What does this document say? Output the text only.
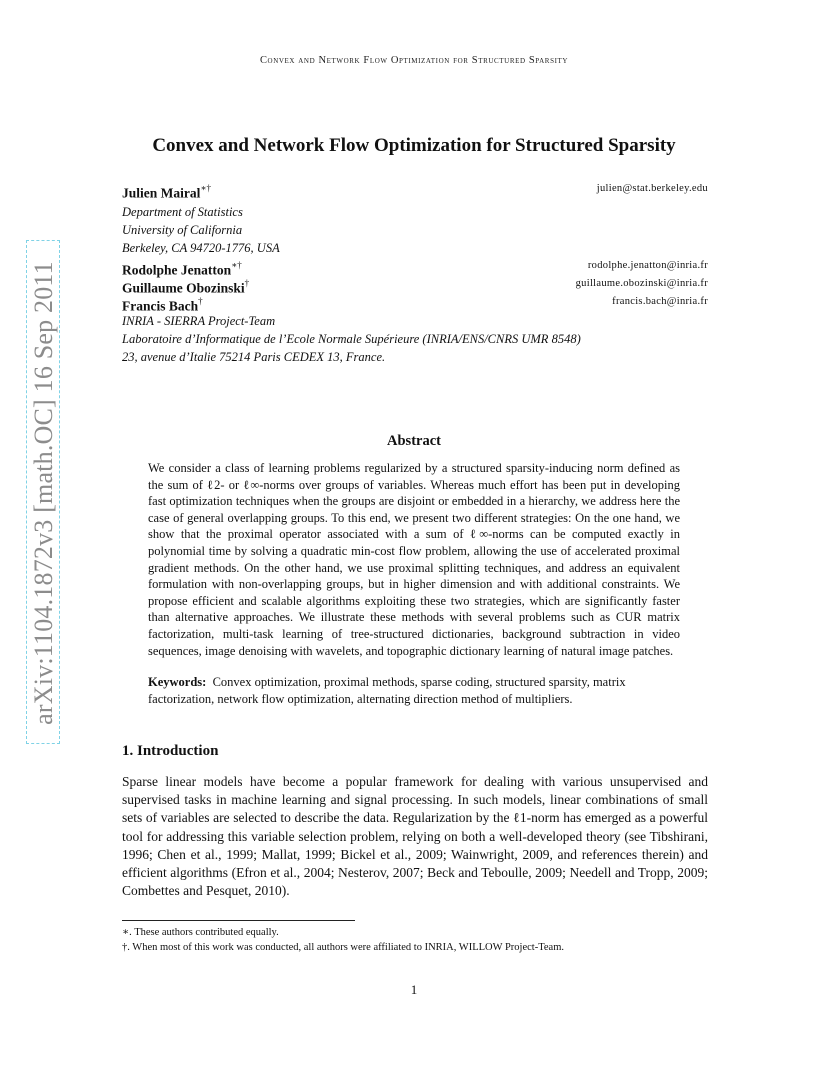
Convex and Network Flow Optimization for Structured Sparsity
Convex and Network Flow Optimization for Structured Sparsity
Julien Mairal∗†	julien@stat.berkeley.edu
Department of Statistics
University of California
Berkeley, CA 94720-1776, USA
Rodolphe Jenatton∗†	rodolphe.jenatton@inria.fr
Guillaume Obozinski†	guillaume.obozinski@inria.fr
Francis Bach†	francis.bach@inria.fr
INRIA - SIERRA Project-Team
Laboratoire d’Informatique de l’Ecole Normale Supérieure (INRIA/ENS/CNRS UMR 8548)
23, avenue d’Italie 75214 Paris CEDEX 13, France.
Abstract
We consider a class of learning problems regularized by a structured sparsity-inducing norm defined as the sum of ℓ2- or ℓ∞-norms over groups of variables. Whereas much effort has been put in developing fast optimization techniques when the groups are disjoint or embedded in a hierarchy, we address here the case of general overlapping groups. To this end, we present two different strategies: On the one hand, we show that the proximal operator associated with a sum of ℓ∞-norms can be computed exactly in polynomial time by solving a quadratic min-cost flow problem, allowing the use of accelerated proximal gradient methods. On the other hand, we use proximal splitting techniques, and address an equivalent formulation with non-overlapping groups, but in higher dimension and with additional constraints. We propose efficient and scalable algorithms exploiting these two strategies, which are significantly faster than alternative approaches. We illustrate these methods with several problems such as CUR matrix factorization, multi-task learning of tree-structured dictionaries, background subtraction in video sequences, image denoising with wavelets, and topographic dictionary learning of natural image patches.
Keywords: Convex optimization, proximal methods, sparse coding, structured sparsity, matrix factorization, network flow optimization, alternating direction method of multipliers.
1. Introduction
Sparse linear models have become a popular framework for dealing with various unsupervised and supervised tasks in machine learning and signal processing. In such models, linear combinations of small sets of variables are selected to describe the data. Regularization by the ℓ1-norm has emerged as a powerful tool for addressing this variable selection problem, relying on both a well-developed theory (see Tibshirani, 1996; Chen et al., 1999; Mallat, 1999; Bickel et al., 2009; Wainwright, 2009, and references therein) and efficient algorithms (Efron et al., 2004; Nesterov, 2007; Beck and Teboulle, 2009; Needell and Tropp, 2009; Combettes and Pesquet, 2010).
∗. These authors contributed equally.
†. When most of this work was conducted, all authors were affiliated to INRIA, WILLOW Project-Team.
1
arXiv:1104.1872v3 [math.OC] 16 Sep 2011
